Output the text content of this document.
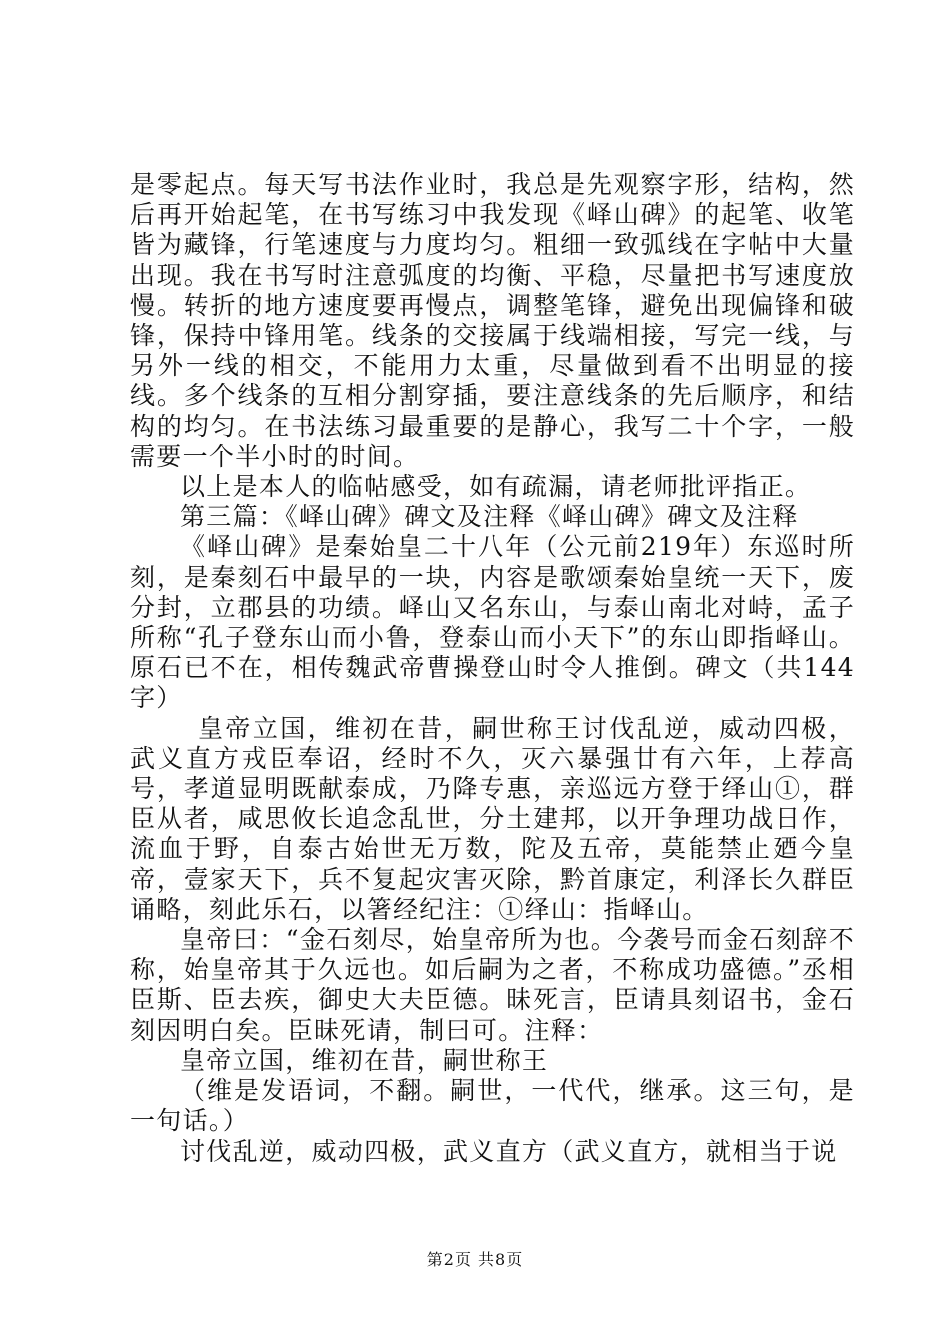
是零起点。每天写书法作业时，我总是先观察字形，结构，然后再开始起笔，在书写练习中我发现《峄山碑》的起笔、收笔皆为藏锋，行笔速度与力度均匀。粗细一致弧线在字帖中大量出现。我在书写时注意弧度的均衡、平稳，尽量把书写速度放慢。转折的地方速度要再慢点，调整笔锋，避免出现偏锋和破锋，保持中锋用笔。线条的交接属于线端相接，写完一线，与另外一线的相交，不能用力太重，尽量做到看不出明显的接线。多个线条的互相分割穿插，要注意线条的先后顺序，和结构的均匀。在书法练习最重要的是静心，我写二十个字，一般需要一个半小时的时间。

以上是本人的临帖感受，如有疏漏，请老师批评指正。

第三篇：《峄山碑》碑文及注释《峄山碑》碑文及注释

《峄山碑》是秦始皇二十八年（公元前219年）东巡时所刻，是秦刻石中最早的一块，内容是歌颂秦始皇统一天下，废分封，立郡县的功绩。峄山又名东山，与泰山南北对峙，孟子所称“孔子登东山而小鲁，登泰山而小天下”的东山即指峄山。原石已不在，相传魏武帝曹操登山时令人推倒。碑文（共144字）

皇帝立国，维初在昔，嗣世称王讨伐乱逆，威动四极，武义直方戎臣奉诏，经时不久，灭六暴强廿有六年，上荐高号，孝道显明既献泰成，乃降专惠，亲巡远方登于绎山①，群臣从者，咸思攸长追念乱世，分土建邦，以开争理功战日作，流血于野，自泰古始世无万数，陀及五帝，莫能禁止廼今皇帝，壹家天下，兵不复起灾害灭除，黔首康定，利泽长久群臣诵略，刻此乐石，以箸经纪注：①绎山：指峄山。

皇帝曰：“金石刻尽，始皇帝所为也。今袭号而金石刻辞不称，始皇帝其于久远也。如后嗣为之者，不称成功盛德。”丞相臣斯、臣去疾，御史大夫臣德。昧死言，臣请具刻诏书，金石刻因明白矣。臣昧死请，制曰可。注释：

皇帝立国，维初在昔，嗣世称王

（维是发语词，不翻。嗣世，一代代，继承。这三句，是一句话。）

讨伐乱逆，威动四极，武义直方（武义直方，就相当于说

第2页 共8页
